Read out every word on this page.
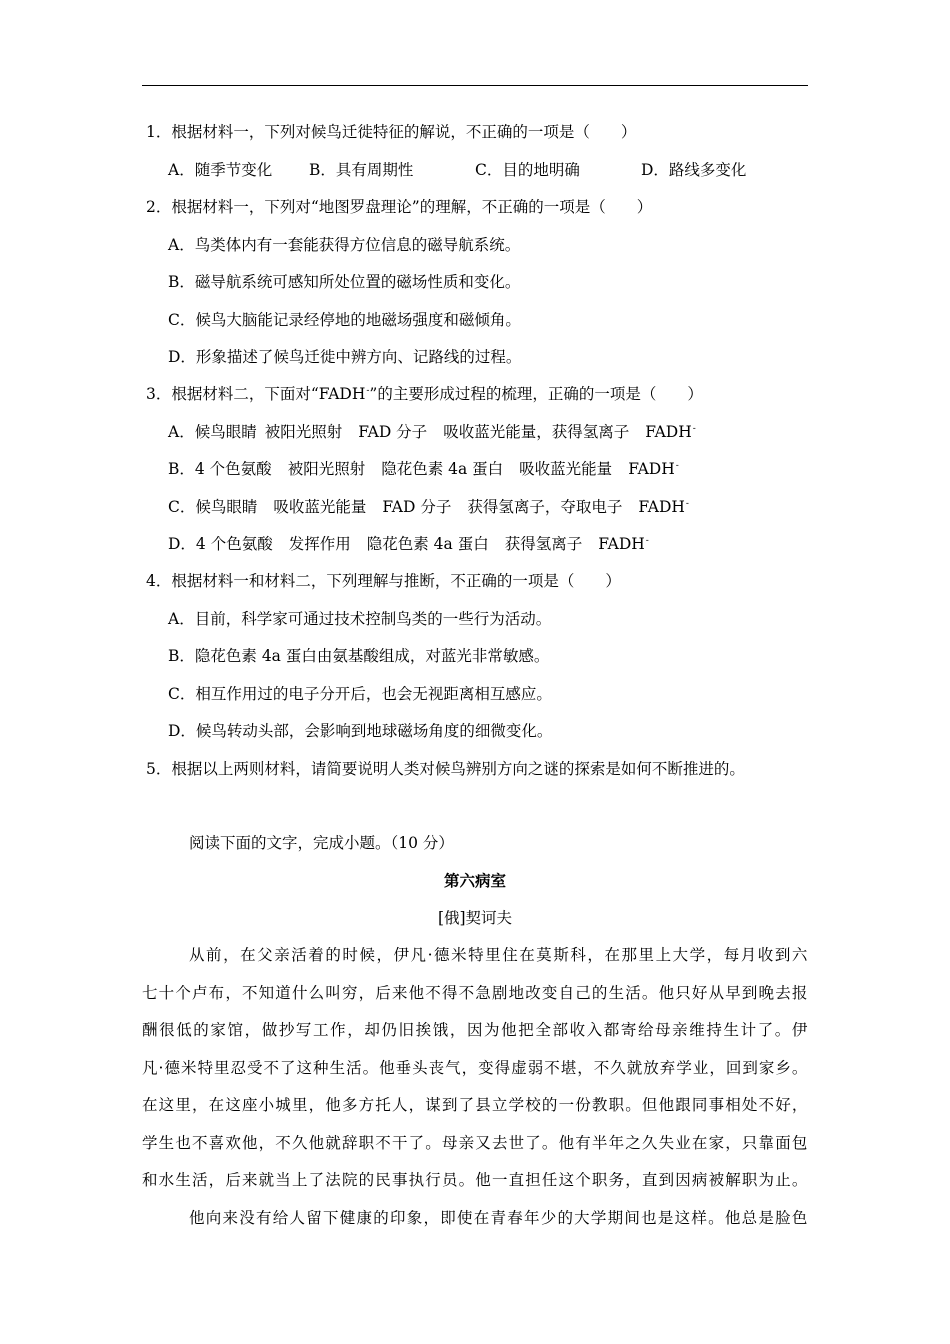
1．根据材料一，下列对候鸟迁徙特征的解说，不正确的一项是（　　）
A．随季节变化 B．具有周期性	C．目的地明确	D．路线多变化
2．根据材料一，下列对“地图罗盘理论”的理解，不正确的一项是（　　）
A．鸟类体内有一套能获得方位信息的磁导航系统。
B．磁导航系统可感知所处位置的磁场性质和变化。
C．候鸟大脑能记录经停地的地磁场强度和磁倾角。
D．形象描述了候鸟迁徙中辨方向、记路线的过程。
3．根据材料二，下面对“FADH-”的主要形成过程的梳理，正确的一项是（　　）
A．候鸟眼睛 被阳光照射 FAD 分子 吸收蓝光能量，获得氢离子 FADH-
B．4 个色氨酸 被阳光照射 隐花色素 4a 蛋白 吸收蓝光能量 FADH-
C．候鸟眼睛 吸收蓝光能量 FAD 分子 获得氢离子，夺取电子 FADH-
D．4 个色氨酸 发挥作用 隐花色素 4a 蛋白 获得氢离子 FADH-
4．根据材料一和材料二，下列理解与推断，不正确的一项是（　　）
A．目前，科学家可通过技术控制鸟类的一些行为活动。
B．隐花色素 4a 蛋白由氨基酸组成，对蓝光非常敏感。
C．相互作用过的电子分开后，也会无视距离相互感应。
D．候鸟转动头部，会影响到地球磁场角度的细微变化。
5．根据以上两则材料，请简要说明人类对候鸟辨别方向之谜的探索是如何不断推进的。
阅读下面的文字，完成小题。（10 分）
第六病室
[俄]契诃夫
从前，在父亲活着的时候，伊凡·德米特里住在莫斯科，在那里上大学，每月收到六
七十个卢布，不知道什么叫穷，后来他不得不急剧地改变自己的生活。他只好从早到晚去报
酬很低的家馆，做抄写工作，却仍旧挨饿，因为他把全部收入都寄给母亲维持生计了。伊
凡·德米特里忍受不了这种生活。他垂头丧气，变得虚弱不堪，不久就放弃学业，回到家乡。
在这里，在这座小城里，他多方托人，谋到了县立学校的一份教职。但他跟同事相处不好，
学生也不喜欢他，不久他就辞职不干了。母亲又去世了。他有半年之久失业在家，只靠面包
和水生活，后来就当上了法院的民事执行员。他一直担任这个职务，直到因病被解职为止。
他向来没有给人留下健康的印象，即使在青春年少的大学期间也是这样。他总是脸色
